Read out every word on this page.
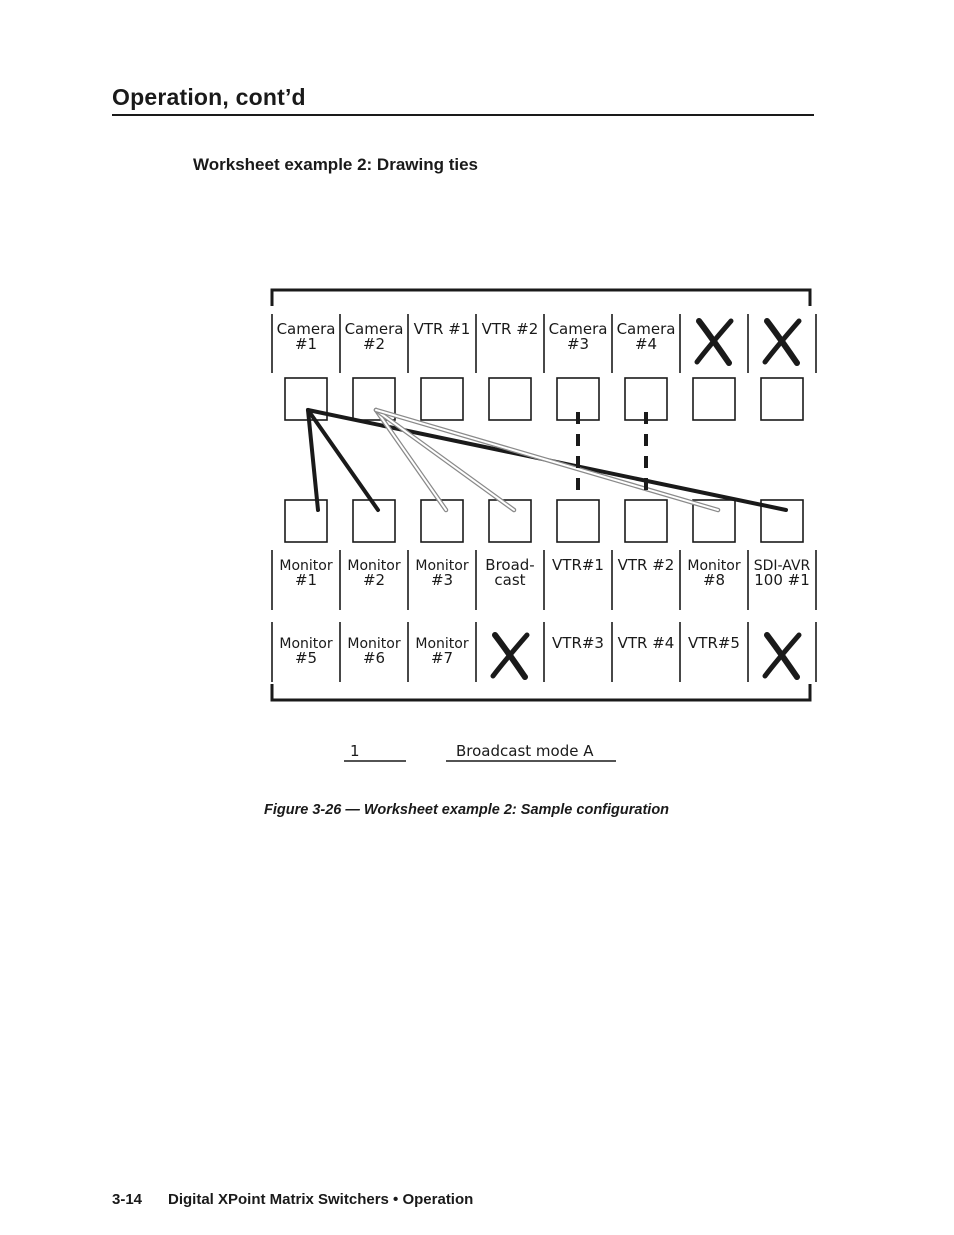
Operation, cont’d
Worksheet example 2: Drawing ties
Camera
#1
Camera
#2
VTR #1 VTR #2 Camera
#3
Camera
#4
Monitor
#1
Monitor
#2
Monitor
#3
Broad-
cast
VTR#1 VTR #2 Monitor
#8
SDI-AVR
100 #1
Monitor
#5
Monitor
#6
Monitor
#7
VTR#3 VTR #4 VTR#5
1	Broadcast mode A
Figure 3-26 — Worksheet example 2: Sample configuration
3-14 Digital XPoint Matrix Switchers • Operation
